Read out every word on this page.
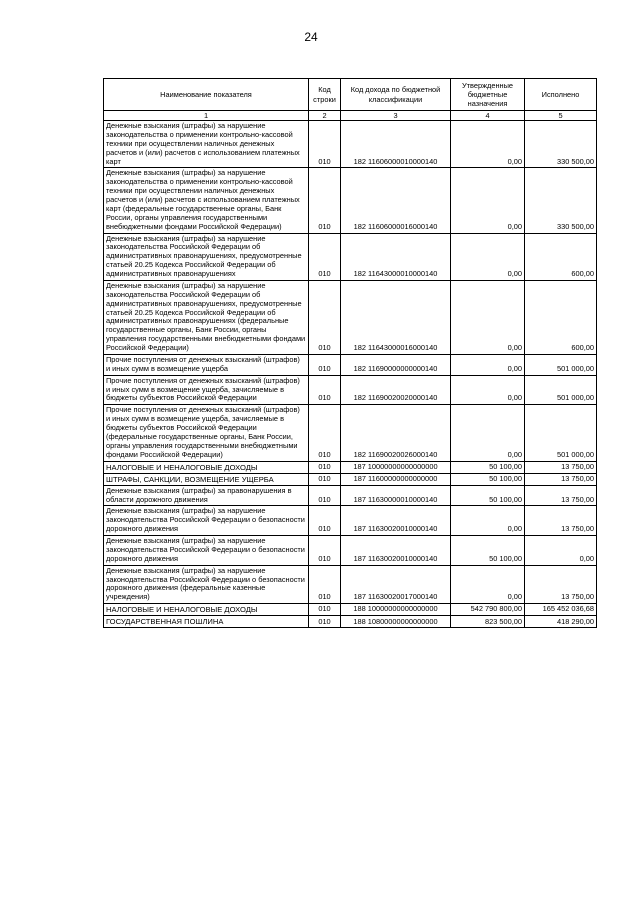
24
Наименование показателя	Код строки	Код дохода по бюджетной классификации	Утвержденные бюджетные назначения	Исполнено
1	2	3	4	5
Денежные взыскания (штрафы) за нарушение законодательства о применении контрольно-кассовой техники при осуществлении наличных денежных расчетов и (или) расчетов с использованием платежных карт	010	182 11606000010000140	0,00	330 500,00
Денежные взыскания (штрафы) за нарушение законодательства о применении контрольно-кассовой техники при осуществлении наличных денежных расчетов и (или) расчетов с использованием платежных карт (федеральные государственные органы, Банк России, органы управления государственными внебюджетными фондами Российской Федерации)	010	182 11606000016000140	0,00	330 500,00
Денежные взыскания (штрафы) за нарушение законодательства Российской Федерации об административных правонарушениях, предусмотренные статьей 20.25 Кодекса Российской Федерации об административных правонарушениях	010	182 11643000010000140	0,00	600,00
Денежные взыскания (штрафы) за нарушение законодательства Российской Федерации об административных правонарушениях, предусмотренные статьей 20.25 Кодекса Российской Федерации об административных правонарушениях (федеральные государственные органы, Банк России, органы управления государственными внебюджетными фондами Российской Федерации)	010	182 11643000016000140	0,00	600,00
Прочие поступления от денежных взысканий (штрафов) и иных сумм в возмещение ущерба	010	182 11690000000000140	0,00	501 000,00
Прочие поступления от денежных взысканий (штрафов) и иных сумм в возмещение ущерба, зачисляемые в бюджеты субъектов Российской Федерации	010	182 11690020020000140	0,00	501 000,00
Прочие поступления от денежных взысканий (штрафов) и иных сумм в возмещение ущерба, зачисляемые в бюджеты субъектов Российской Федерации (федеральные государственные органы, Банк России, органы управления государственными внебюджетными фондами Российской Федерации)	010	182 11690020026000140	0,00	501 000,00
НАЛОГОВЫЕ И НЕНАЛОГОВЫЕ ДОХОДЫ	010	187 10000000000000000	50 100,00	13 750,00
ШТРАФЫ, САНКЦИИ, ВОЗМЕЩЕНИЕ УЩЕРБА	010	187 11600000000000000	50 100,00	13 750,00
Денежные взыскания (штрафы) за правонарушения в области дорожного движения	010	187 11630000010000140	50 100,00	13 750,00
Денежные взыскания (штрафы) за нарушение законодательства Российской Федерации о безопасности дорожного движения	010	187 11630020010000140	0,00	13 750,00
Денежные взыскания (штрафы) за нарушение законодательства Российской Федерации о безопасности дорожного движения	010	187 11630020010000140	50 100,00	0,00
Денежные взыскания (штрафы) за нарушение законодательства Российской Федерации о безопасности дорожного движения (федеральные казенные учреждения)	010	187 11630020017000140	0,00	13 750,00
НАЛОГОВЫЕ И НЕНАЛОГОВЫЕ ДОХОДЫ	010	188 10000000000000000	542 790 800,00	165 452 036,68
ГОСУДАРСТВЕННАЯ ПОШЛИНА	010	188 10800000000000000	823 500,00	418 290,00
